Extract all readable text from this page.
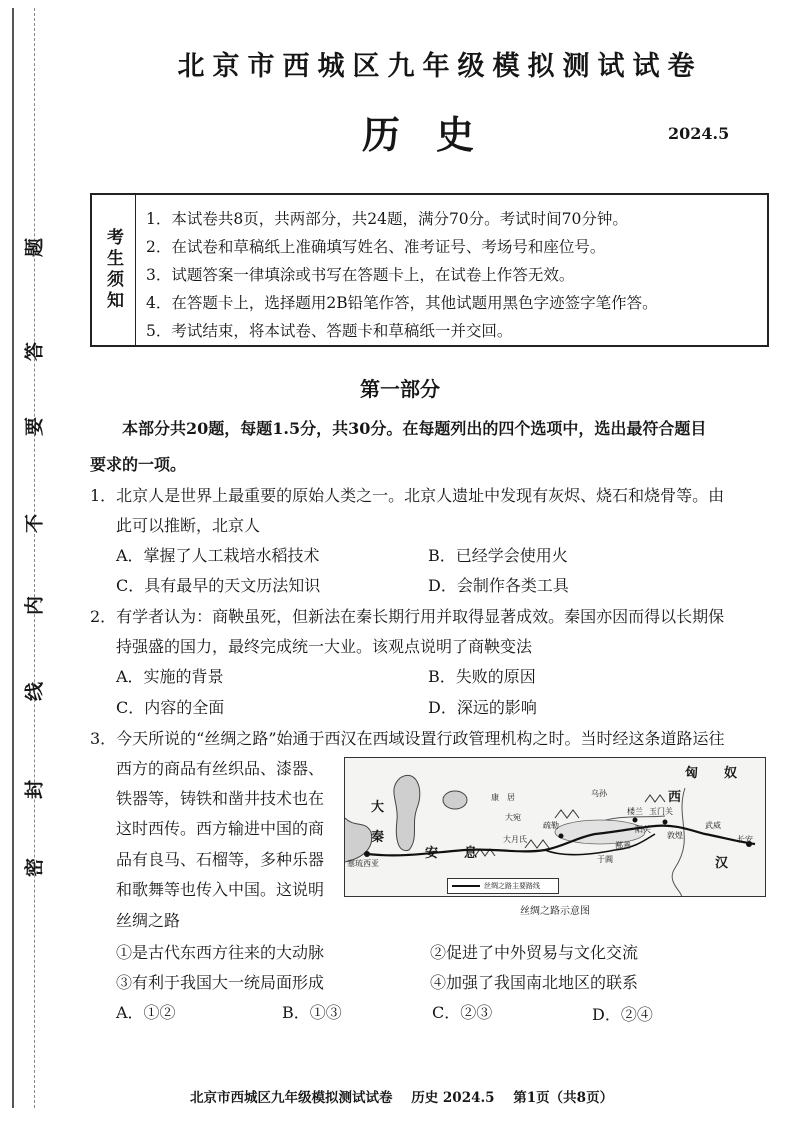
题
答
要
不
内
线
封
密
北京市西城区九年级模拟测试试卷
历史	2024.5
考生须知
1．本试卷共8页，共两部分，共24题，满分70分。考试时间70分钟。
2．在试卷和草稿纸上准确填写姓名、准考证号、考场号和座位号。
3．试题答案一律填涂或书写在答题卡上，在试卷上作答无效。
4．在答题卡上，选择题用2B铅笔作答，其他试题用黑色字迹签字笔作答。
5．考试结束，将本试卷、答题卡和草稿纸一并交回。
第一部分
本部分共20题，每题1.5分，共30分。在每题列出的四个选项中，选出最符合题目
要求的一项。
1．北京人是世界上最重要的原始人类之一。北京人遗址中发现有灰烬、烧石和烧骨等。由
此可以推断，北京人
A．掌握了人工栽培水稻技术	B．已经学会使用火
C．具有最早的天文历法知识	D．会制作各类工具
2．有学者认为：商鞅虽死，但新法在秦长期行用并取得显著成效。秦国亦因而得以长期保
持强盛的国力，最终完成统一大业。该观点说明了商鞅变法
A．实施的背景	B．失败的原因
C．内容的全面	D．深远的影响
3．今天所说的“丝绸之路”始通于西汉在西域设置行政管理机构之时。当时经这条道路运往
西方的商品有丝织品、漆器、
铁器等，铸铁和凿井技术也在
这时西传。西方输进中国的商
品有良马、石榴等，多种乐器
和歌舞等也传入中国。这说明
丝绸之路
匈　　奴
西
汉
大
秦
安　　息
康　居	乌孙
大宛
疏勒
大月氏
于阗
阳关
玉门关
敦煌	长安
武威
塞琉西亚
楼兰
鄯善
丝绸之路主要路线
丝绸之路示意图
①是古代东西方往来的大动脉	②促进了中外贸易与文化交流
③有利于我国大一统局面形成	④加强了我国南北地区的联系
A．①②	B．①③	C．②③	D．②④
北京市西城区九年级模拟测试试卷 历史 2024.5 第1页（共8页）
